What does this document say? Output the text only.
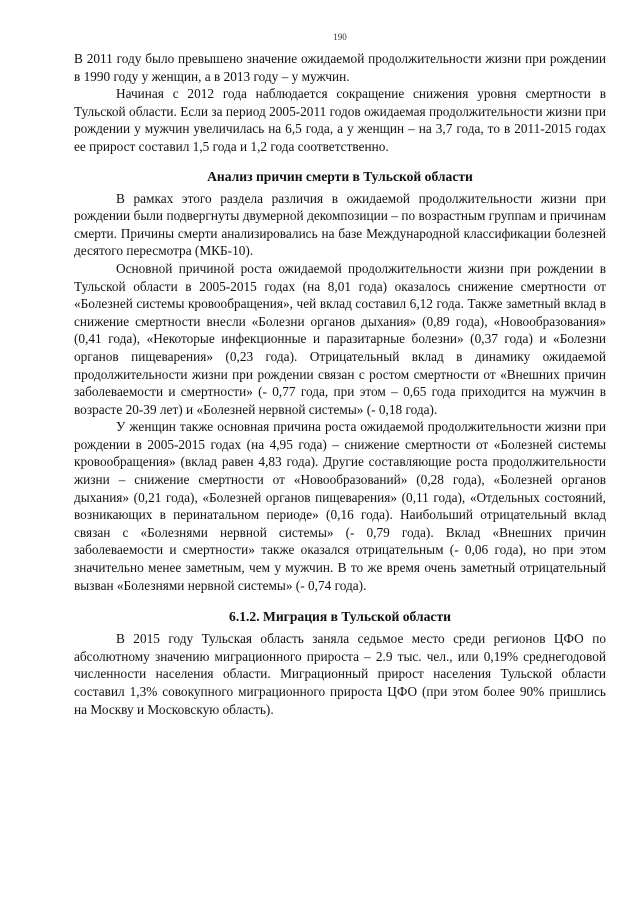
190

В 2011 году было превышено значение ожидаемой продолжительности жизни при рождении в 1990 году у женщин, а в 2013 году – у мужчин.

Начиная с 2012 года наблюдается сокращение снижения уровня смертности в Тульской области. Если за период 2005-2011 годов ожидаемая продолжительности жизни при рождении у мужчин увеличилась на 6,5 года, а у женщин – на 3,7 года, то в 2011-2015 годах ее прирост составил 1,5 года и 1,2 года соответственно.

Анализ причин смерти в Тульской области

В рамках этого раздела различия в ожидаемой продолжительности жизни при рождении были подвергнуты двумерной декомпозиции – по возрастным группам и причинам смерти. Причины смерти анализировались на базе Международной классификации болезней десятого пересмотра (МКБ-10).

Основной причиной роста ожидаемой продолжительности жизни при рождении в Тульской области в 2005-2015 годах (на 8,01 года) оказалось снижение смертности от «Болезней системы кровообращения», чей вклад составил 6,12 года. Также заметный вклад в снижение смертности внесли «Болезни органов дыхания» (0,89 года), «Новообразования» (0,41 года), «Некоторые инфекционные и паразитарные болезни» (0,37 года) и «Болезни органов пищеварения» (0,23 года). Отрицательный вклад в динамику ожидаемой продолжительности жизни при рождении связан с ростом смертности от «Внешних причин заболеваемости и смертности» (- 0,77 года, при этом – 0,65 года приходится на мужчин в возрасте 20-39 лет) и «Болезней нервной системы» (- 0,18 года).

У женщин также основная причина роста ожидаемой продолжительности жизни при рождении в 2005-2015 годах (на 4,95 года) – снижение смертности от «Болезней системы кровообращения» (вклад равен 4,83 года). Другие составляющие роста продолжительности жизни – снижение смертности от «Новообразований» (0,28 года), «Болезней органов дыхания» (0,21 года), «Болезней органов пищеварения» (0,11 года), «Отдельных состояний, возникающих в перинатальном периоде» (0,16 года). Наибольший отрицательный вклад связан с «Болезнями нервной системы» (- 0,79 года). Вклад «Внешних причин заболеваемости и смертности» также оказался отрицательным (- 0,06 года), но при этом значительно менее заметным, чем у мужчин. В то же время очень заметный отрицательный вызван «Болезнями нервной системы» (- 0,74 года).

6.1.2. Миграция в Тульской области

В 2015 году Тульская область заняла седьмое место среди регионов ЦФО по абсолютному значению миграционного прироста – 2.9 тыс. чел., или 0,19% среднегодовой численности населения области. Миграционный прирост населения Тульской области составил 1,3% совокупного миграционного прироста ЦФО (при этом более 90% пришлись на Москву и Московскую область).
